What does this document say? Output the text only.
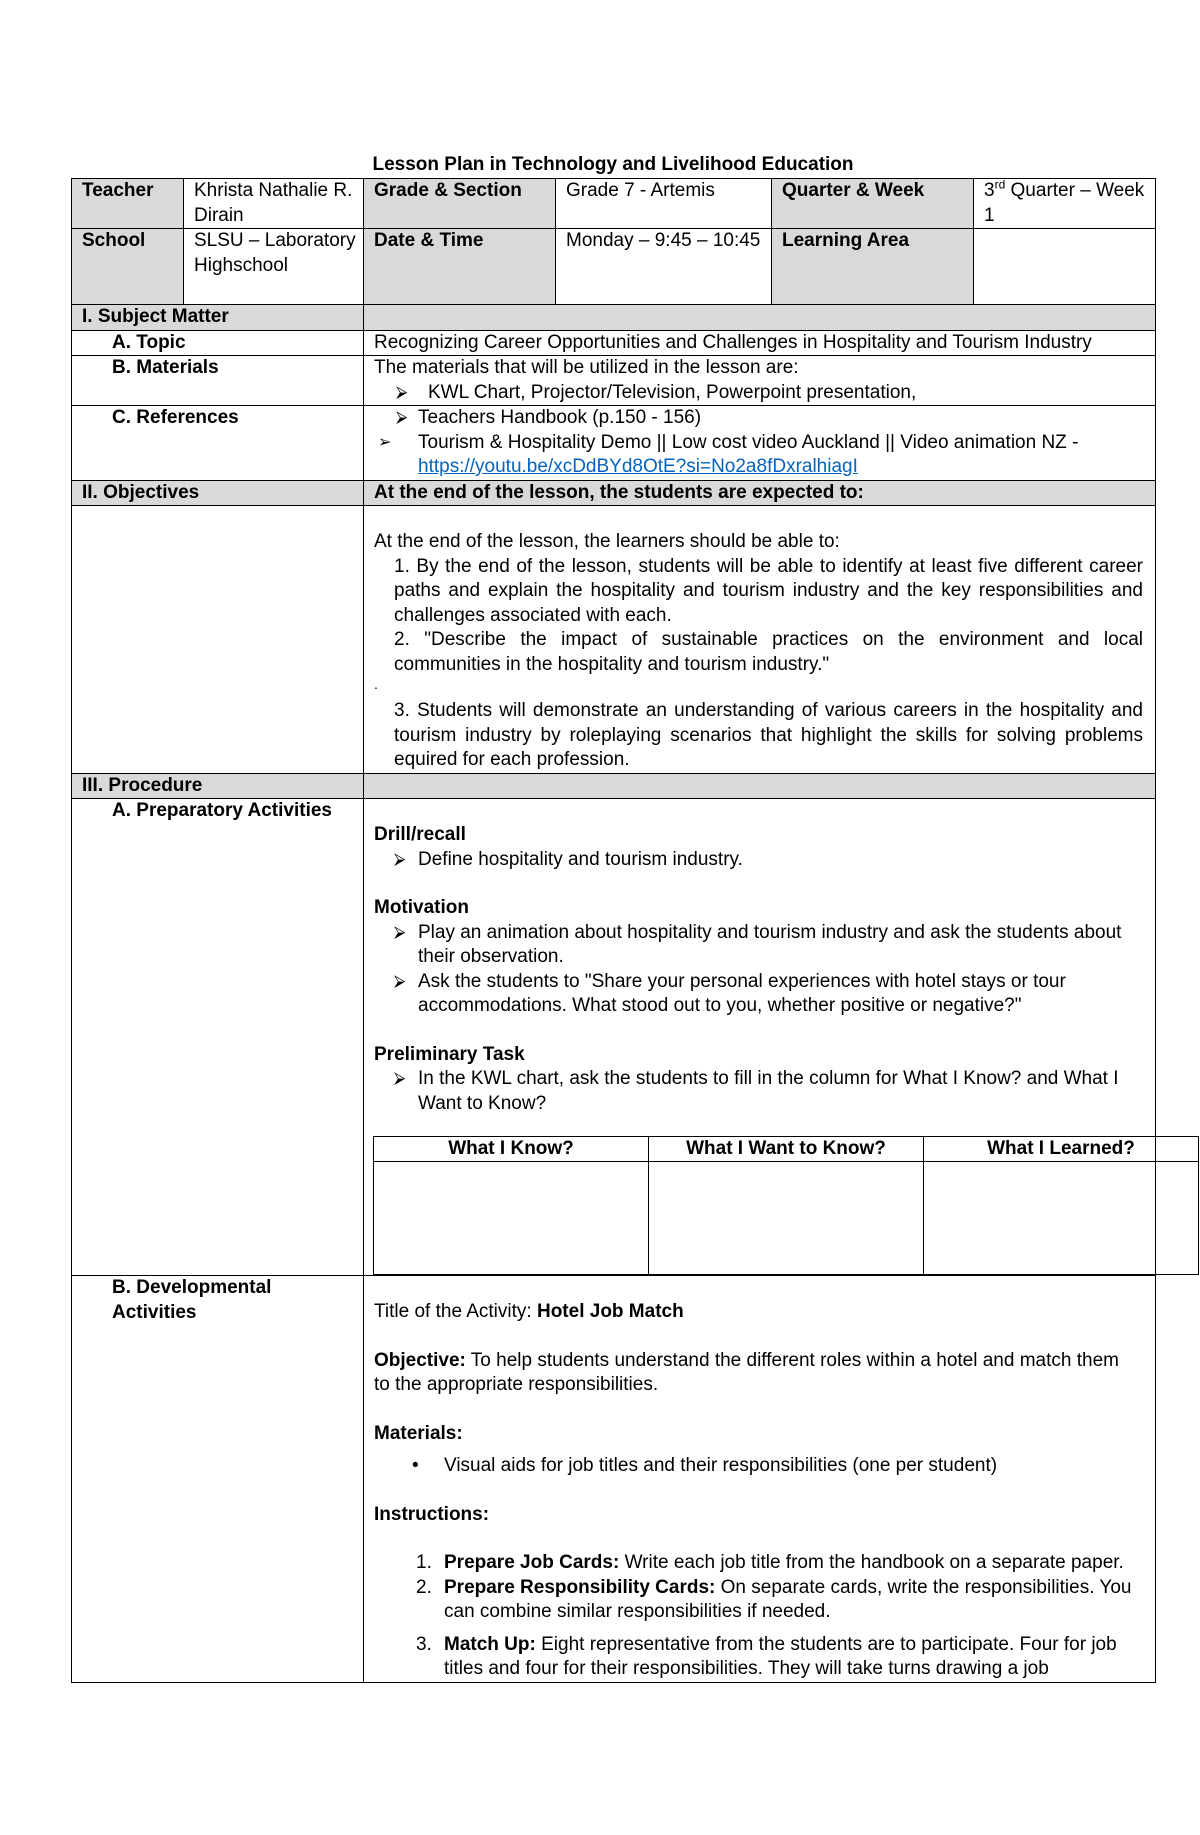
Lesson Plan in Technology and Livelihood Education
Teacher	Khrista Nathalie R. Dirain	Grade & Section	Grade 7 - Artemis	Quarter & Week	3rd Quarter – Week 1
School	SLSU – Laboratory Highschool	Date & Time	Monday – 9:45 – 10:45	Learning Area	
I. Subject Matter	
A. Topic	Recognizing Career Opportunities and Challenges in Hospitality and Tourism Industry
B. Materials	The materials that will be utilized in the lesson are:
⮚ KWL Chart, Projector/Television, Powerpoint presentation,

C. References	⮚ Teachers Handbook (p.150 - 156)
➢ Tourism & Hospitality Demo || Low cost video Auckland || Video animation NZ -
https://youtu.be/xcDdBYd8OtE?si=No2a8fDxralhiagI

II. Objectives	At the end of the lesson, the students are expected to:

At the end of the lesson, the learners should be able to:
1. By the end of the lesson, students will be able to identify at least five different career paths and explain the hospitality and tourism industry and the key responsibilities and challenges associated with each.
2. "Describe the impact of sustainable practices on the environment and local communities in the hospitality and tourism industry."
.
3. Students will demonstrate an understanding of various careers in the hospitality and tourism industry by roleplaying scenarios that highlight the skills for solving problems equired for each profession.

III. Procedure	
A. Preparatory Activities	
Drill/recall
⮚ Define hospitality and tourism industry.
Motivation
⮚ Play an animation about hospitality and tourism industry and ask the students about their observation.
⮚ Ask the students to "Share your personal experiences with hotel stays or tour accommodations. What stood out to you, whether positive or negative?"
Preliminary Task
⮚ In the KWL chart, ask the students to fill in the column for What I Know? and What I Want to Know?
What I Know?	What I Want to Know?	What I Learned?

B. Developmental Activities	Title of the Activity: Hotel Job Match
Objective: To help students understand the different roles within a hotel and match them to the appropriate responsibilities.
Materials:
• Visual aids for job titles and their responsibilities (one per student)
Instructions:
1. Prepare Job Cards: Write each job title from the handbook on a separate paper.
2. Prepare Responsibility Cards: On separate cards, write the responsibilities. You can combine similar responsibilities if needed.
3. Match Up: Eight representative from the students are to participate. Four for job titles and four for their responsibilities. They will take turns drawing a job
